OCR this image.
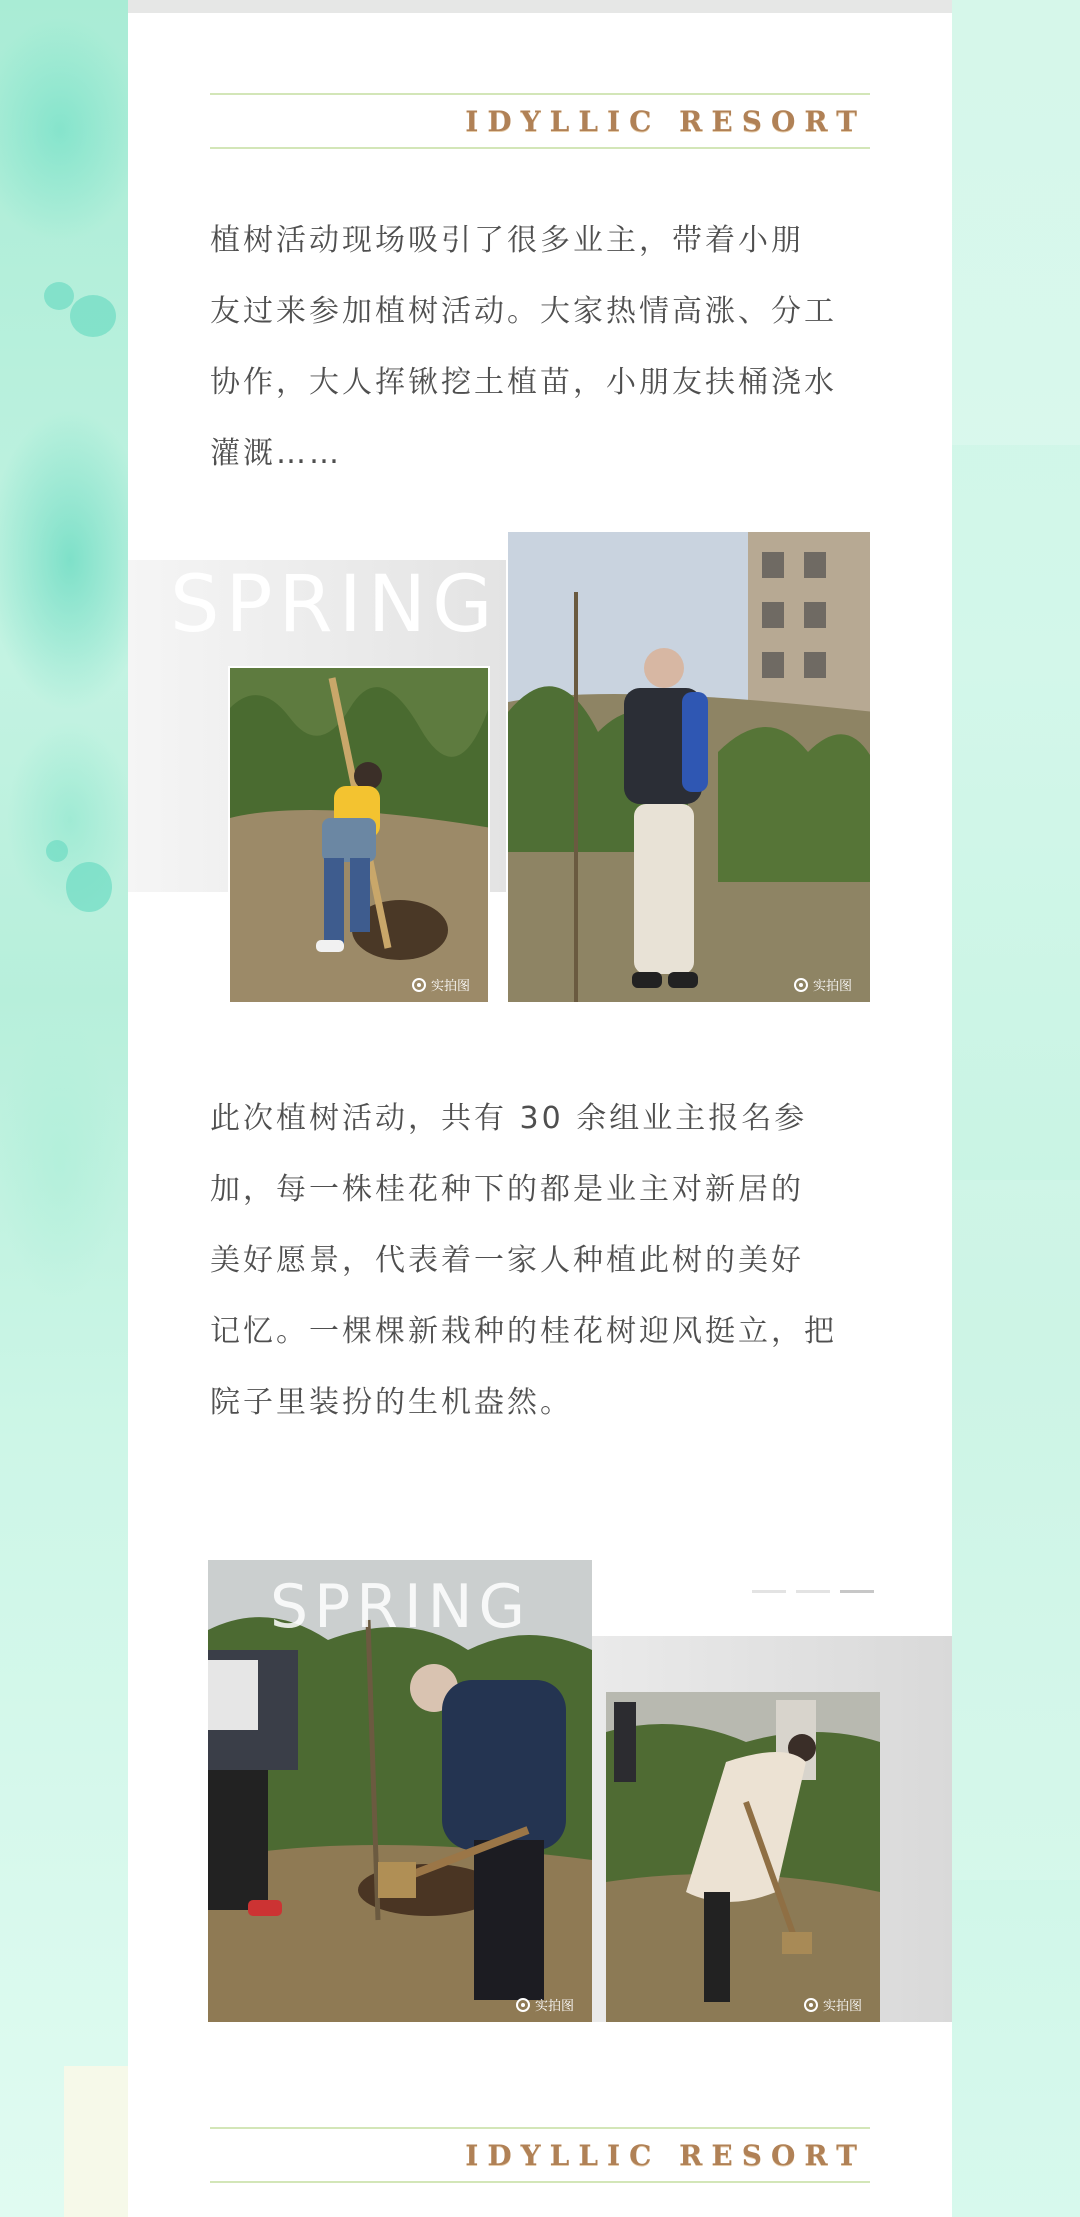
IDYLLIC RESORT

植树活动现场吸引了很多业主，带着小朋
友过来参加植树活动。大家热情高涨、分工
协作，大人挥锹挖土植苗，小朋友扶桶浇水
灌溉……

SPRING
实拍图	实拍图

此次植树活动，共有 30 余组业主报名参
加，每一株桂花种下的都是业主对新居的
美好愿景，代表着一家人种植此树的美好
记忆。一棵棵新栽种的桂花树迎风挺立，把
院子里装扮的生机盎然。

实拍图
SPRING
实拍图
IDYLLIC RESORT
